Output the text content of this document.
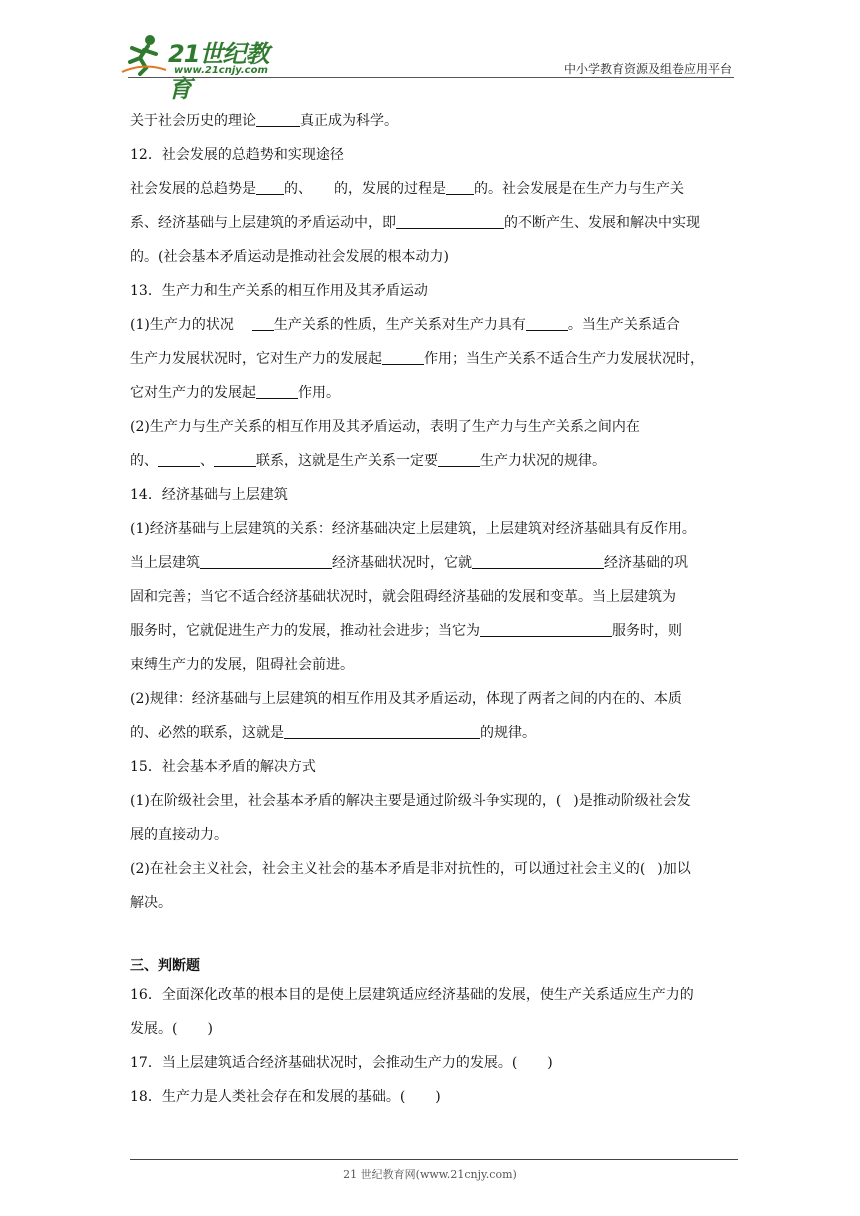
21世纪教育
www.21cnjy.com	中小学教育资源及组卷应用平台
关于社会历史的理论	真正成为科学。
12．社会发展的总趋势和实现途径
社会发展的总趋势是 的、 的，发展的过程是 的。社会发展是在生产力与生产关
系、经济基础与上层建筑的矛盾运动中，即	的不断产生、发展和解决中实现
的。(社会基本矛盾运动是推动社会发展的根本动力)
13．生产力和生产关系的相互作用及其矛盾运动
(1)生产力的状况	生产关系的性质，生产关系对生产力具有	。当生产关系适合
生产力发展状况时，它对生产力的发展起	作用；当生产关系不适合生产力发展状况时，
它对生产力的发展起	作用。
(2)生产力与生产关系的相互作用及其矛盾运动，表明了生产力与生产关系之间内在
的、	、	联系，这就是生产关系一定要	生产力状况的规律。
14．经济基础与上层建筑
(1)经济基础与上层建筑的关系：经济基础决定上层建筑，上层建筑对经济基础具有反作用。
当上层建筑	经济基础状况时，它就	经济基础的巩
固和完善；当它不适合经济基础状况时，就会阻碍经济基础的发展和变革。当上层建筑为
服务时，它就促进生产力的发展，推动社会进步；当它为	服务时，则
束缚生产力的发展，阻碍社会前进。
(2)规律：经济基础与上层建筑的相互作用及其矛盾运动，体现了两者之间的内在的、本质
的、必然的联系，这就是	的规律。
15．社会基本矛盾的解决方式
(1)在阶级社会里，社会基本矛盾的解决主要是通过阶级斗争实现的，( )是推动阶级社会发
展的直接动力。
(2)在社会主义社会，社会主义社会的基本矛盾是非对抗性的，可以通过社会主义的( )加以
解决。
三、判断题
16．全面深化改革的根本目的是使上层建筑适应经济基础的发展，使生产关系适应生产力的
发展。( )
17．当上层建筑适合经济基础状况时，会推动生产力的发展。( )
18．生产力是人类社会存在和发展的基础。( )
21 世纪教育网(www.21cnjy.com)
